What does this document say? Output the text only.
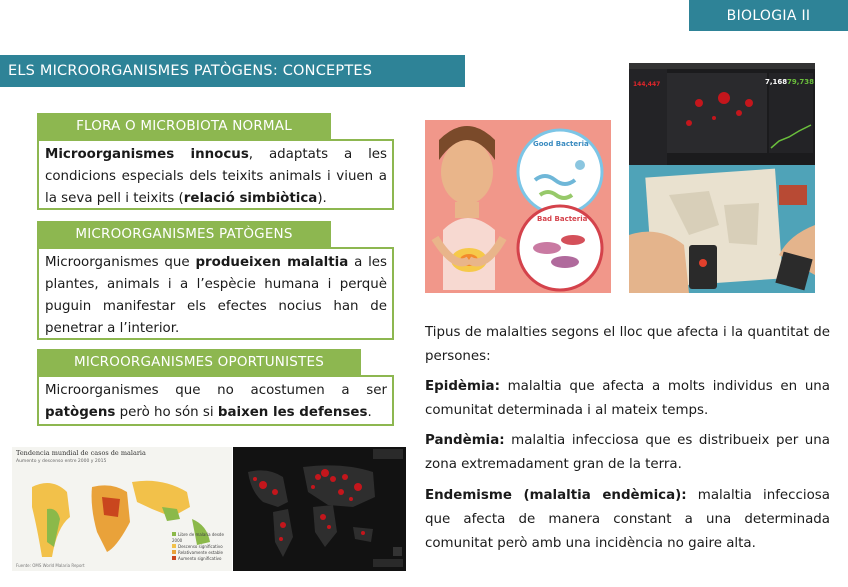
BIOLOGIA II
ELS MICROORGANISMES PATÒGENS: CONCEPTES
FLORA O MICROBIOTA NORMAL
Microorganismes innocus, adaptats a les condicions especials dels teixits animals i viuen a la seva pell i teixits (relació simbiòtica).
MICROORGANISMES PATÒGENS
Microorganismes que produeixen malaltia a les plantes, animals i a l’espècie humana i perquè puguin manifestar els efectes nocius han de penetrar a l’interior.
MICROORGANISMES OPORTUNISTES
Microorganismes que no acostumen a ser patògens però ho són si baixen les defenses.
Good Bacteria
Bad Bacteria
144,447	7,168 79,738
Tipus de malalties segons el lloc que afecta i la quantitat de persones:
Epidèmia: malaltia que afecta a molts individus en una comunitat determinada i al mateix temps.
Pandèmia: malaltia infecciosa que es distribueix per una zona extremadament gran de la terra.
Endemisme (malaltia endèmica): malaltia infecciosa que afecta de manera constant a una determinada comunitat però amb una incidència no gaire alta.
Tendencia mundial de casos de malaria
Aumento y descenso entre 2000 y 2015
Libre de malaria desde 2000
Descenso significativo
Relativamente estable
Aumento significativo
Fuente: OMS World Malaria Report
